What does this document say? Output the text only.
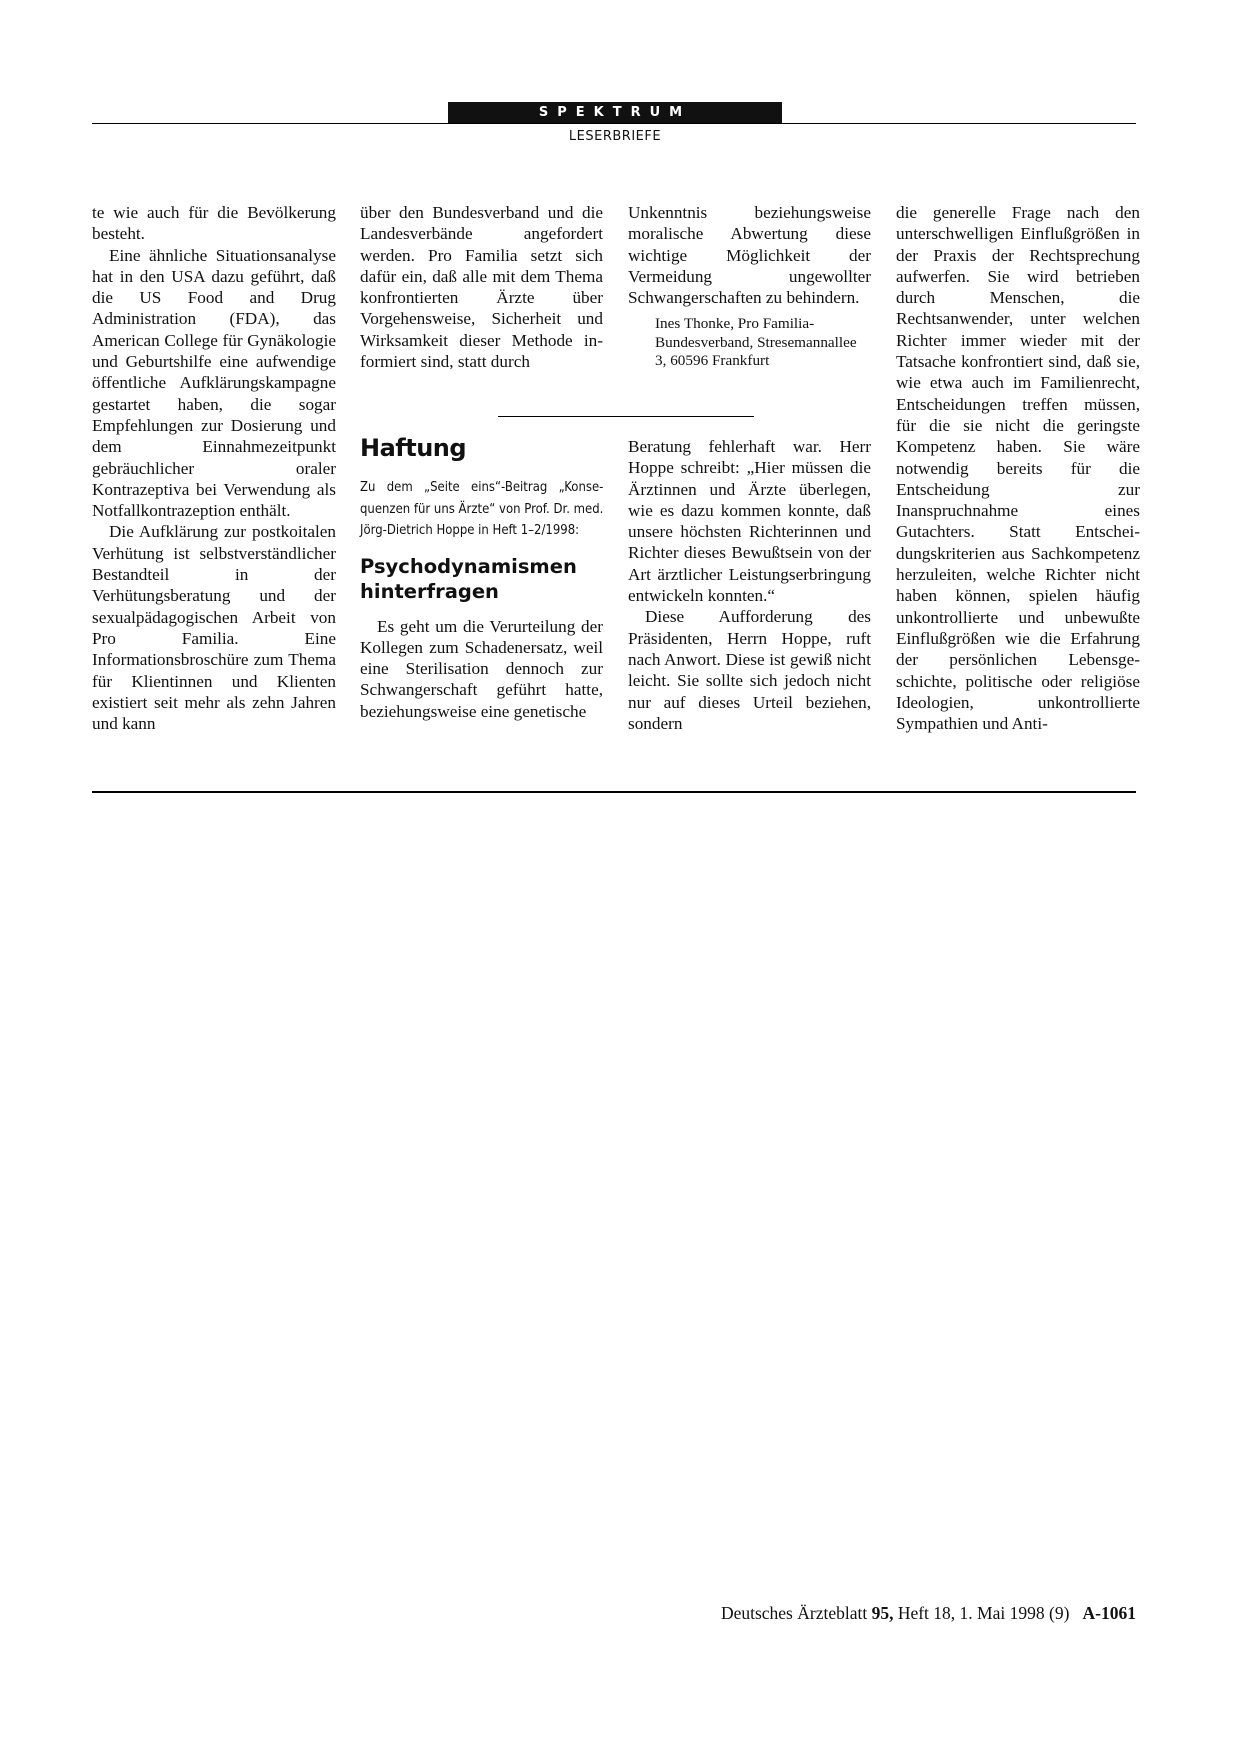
SPEKTRUM
LESERBRIEFE

te wie auch für die Bevölkerung besteht.

Eine ähnliche Situationsanalyse hat in den USA dazu geführt, daß die US Food and Drug Administration (FDA), das American College für Gynäkologie und Geburtshilfe eine aufwendige öffentliche Aufklärungskampagne gestartet haben, die sogar Empfehlungen zur Dosierung und dem Einnahmezeitpunkt gebräuchlicher oraler Kontrazeptiva bei Verwendung als Notfallkontrazeption enthält.

Die Aufklärung zur postkoitalen Verhütung ist selbstverständlicher Bestandteil in der Verhütungsberatung und der sexualpädagogischen Arbeit von Pro Familia. Eine Informationsbroschüre zum Thema für Klientinnen und Klienten existiert seit mehr als zehn Jahren und kann

über den Bundesverband und die Landesverbände angefordert werden. Pro Familia setzt sich dafür ein, daß alle mit dem Thema konfrontierten Ärzte über Vorgehensweise, Sicherheit und Wirksamkeit dieser Methode informiert sind, statt durch

Unkenntnis beziehungsweise moralische Abwertung diese wichtige Möglichkeit der Vermeidung ungewollter Schwangerschaften zu behindern.

Ines Thonke, Pro Familia-Bundesverband, Stresemannallee 3, 60596 Frankfurt

die generelle Frage nach den unterschwelligen Einflußgrößen in der Praxis der Rechtsprechung aufwerfen. Sie wird betrieben durch Menschen, die Rechtsanwender, unter welchen Richter immer wieder mit der Tatsache konfrontiert sind, daß sie, wie etwa auch im Familienrecht, Entscheidungen treffen müssen, für die sie nicht die geringste Kompetenz haben. Sie wäre notwendig bereits für die Entscheidung zur Inanspruchnahme eines Gutachters. Statt Entscheidungskriterien aus Sachkompetenz herzuleiten, welche Richter nicht haben können, spielen häufig unkontrollierte und unbewußte Einflußgrößen wie die Erfahrung der persönlichen Lebensgeschichte, politische oder religiöse Ideologien, unkontrollierte Sympathien und Anti-

Haftung

Zu dem „Seite eins“-Beitrag „Konsequenzen für uns Ärzte“ von Prof. Dr. med. Jörg-Dietrich Hoppe in Heft 1–2/1998:

Psychodynamismen hinterfragen

Es geht um die Verurteilung der Kollegen zum Schadenersatz, weil eine Sterilisation dennoch zur Schwangerschaft geführt hatte, beziehungsweise eine genetische

Beratung fehlerhaft war. Herr Hoppe schreibt: „Hier müssen die Ärztinnen und Ärzte überlegen, wie es dazu kommen konnte, daß unsere höchsten Richterinnen und Richter dieses Bewußtsein von der Art ärztlicher Leistungserbringung entwickeln konnten.“

Diese Aufforderung des Präsidenten, Herrn Hoppe, ruft nach Anwort. Diese ist gewiß nicht leicht. Sie sollte sich jedoch nicht nur auf dieses Urteil beziehen, sondern

Deutsches Ärzteblatt 95, Heft 18, 1. Mai 1998 (9) A-1061
